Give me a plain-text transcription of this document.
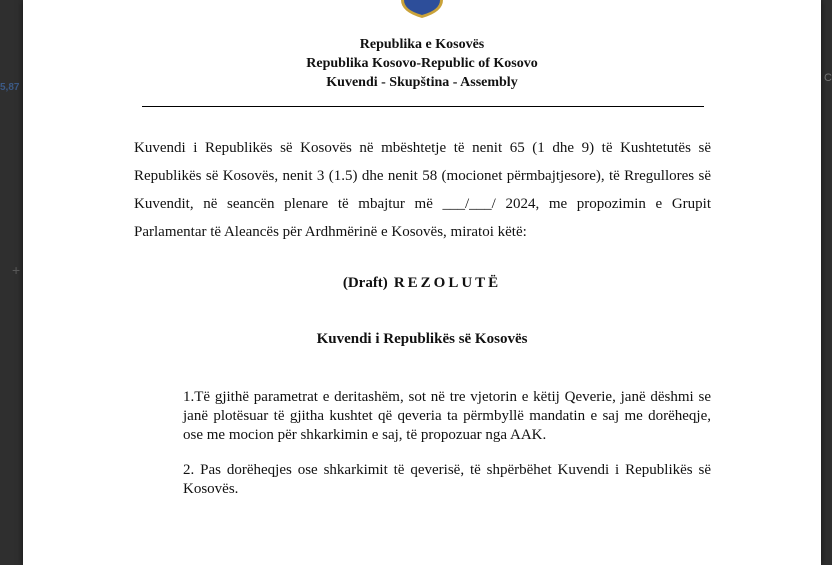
5,87
+
C
Republika e Kosovës
Republika Kosovo-Republic of Kosovo
Kuvendi - Skupština - Assembly
Kuvendi i Republikës së Kosovës në mbështetje të nenit 65 (1 dhe 9) të Kushtetutës së Republikës së Kosovës, nenit 3 (1.5) dhe nenit 58 (mocionet përmbajtjesore), të Rregullores së Kuvendit, në seancën plenare të mbajtur më ___/___/ 2024, me propozimin e Grupit Parlamentar të Aleancës për Ardhmërinë e Kosovës, miratoi këtë:
(Draft) REZOLUTË
Kuvendi i Republikës së Kosovës
1.Të gjithë parametrat e deritashëm, sot në tre vjetorin e këtij Qeverie, janë dëshmi se janë plotësuar të gjitha kushtet që qeveria ta përmbyllë mandatin e saj me dorëheqje, ose me mocion për shkarkimin e saj, të propozuar nga AAK.
2. Pas dorëheqjes ose shkarkimit të qeverisë, të shpërbëhet Kuvendi i Republikës së Kosovës.
